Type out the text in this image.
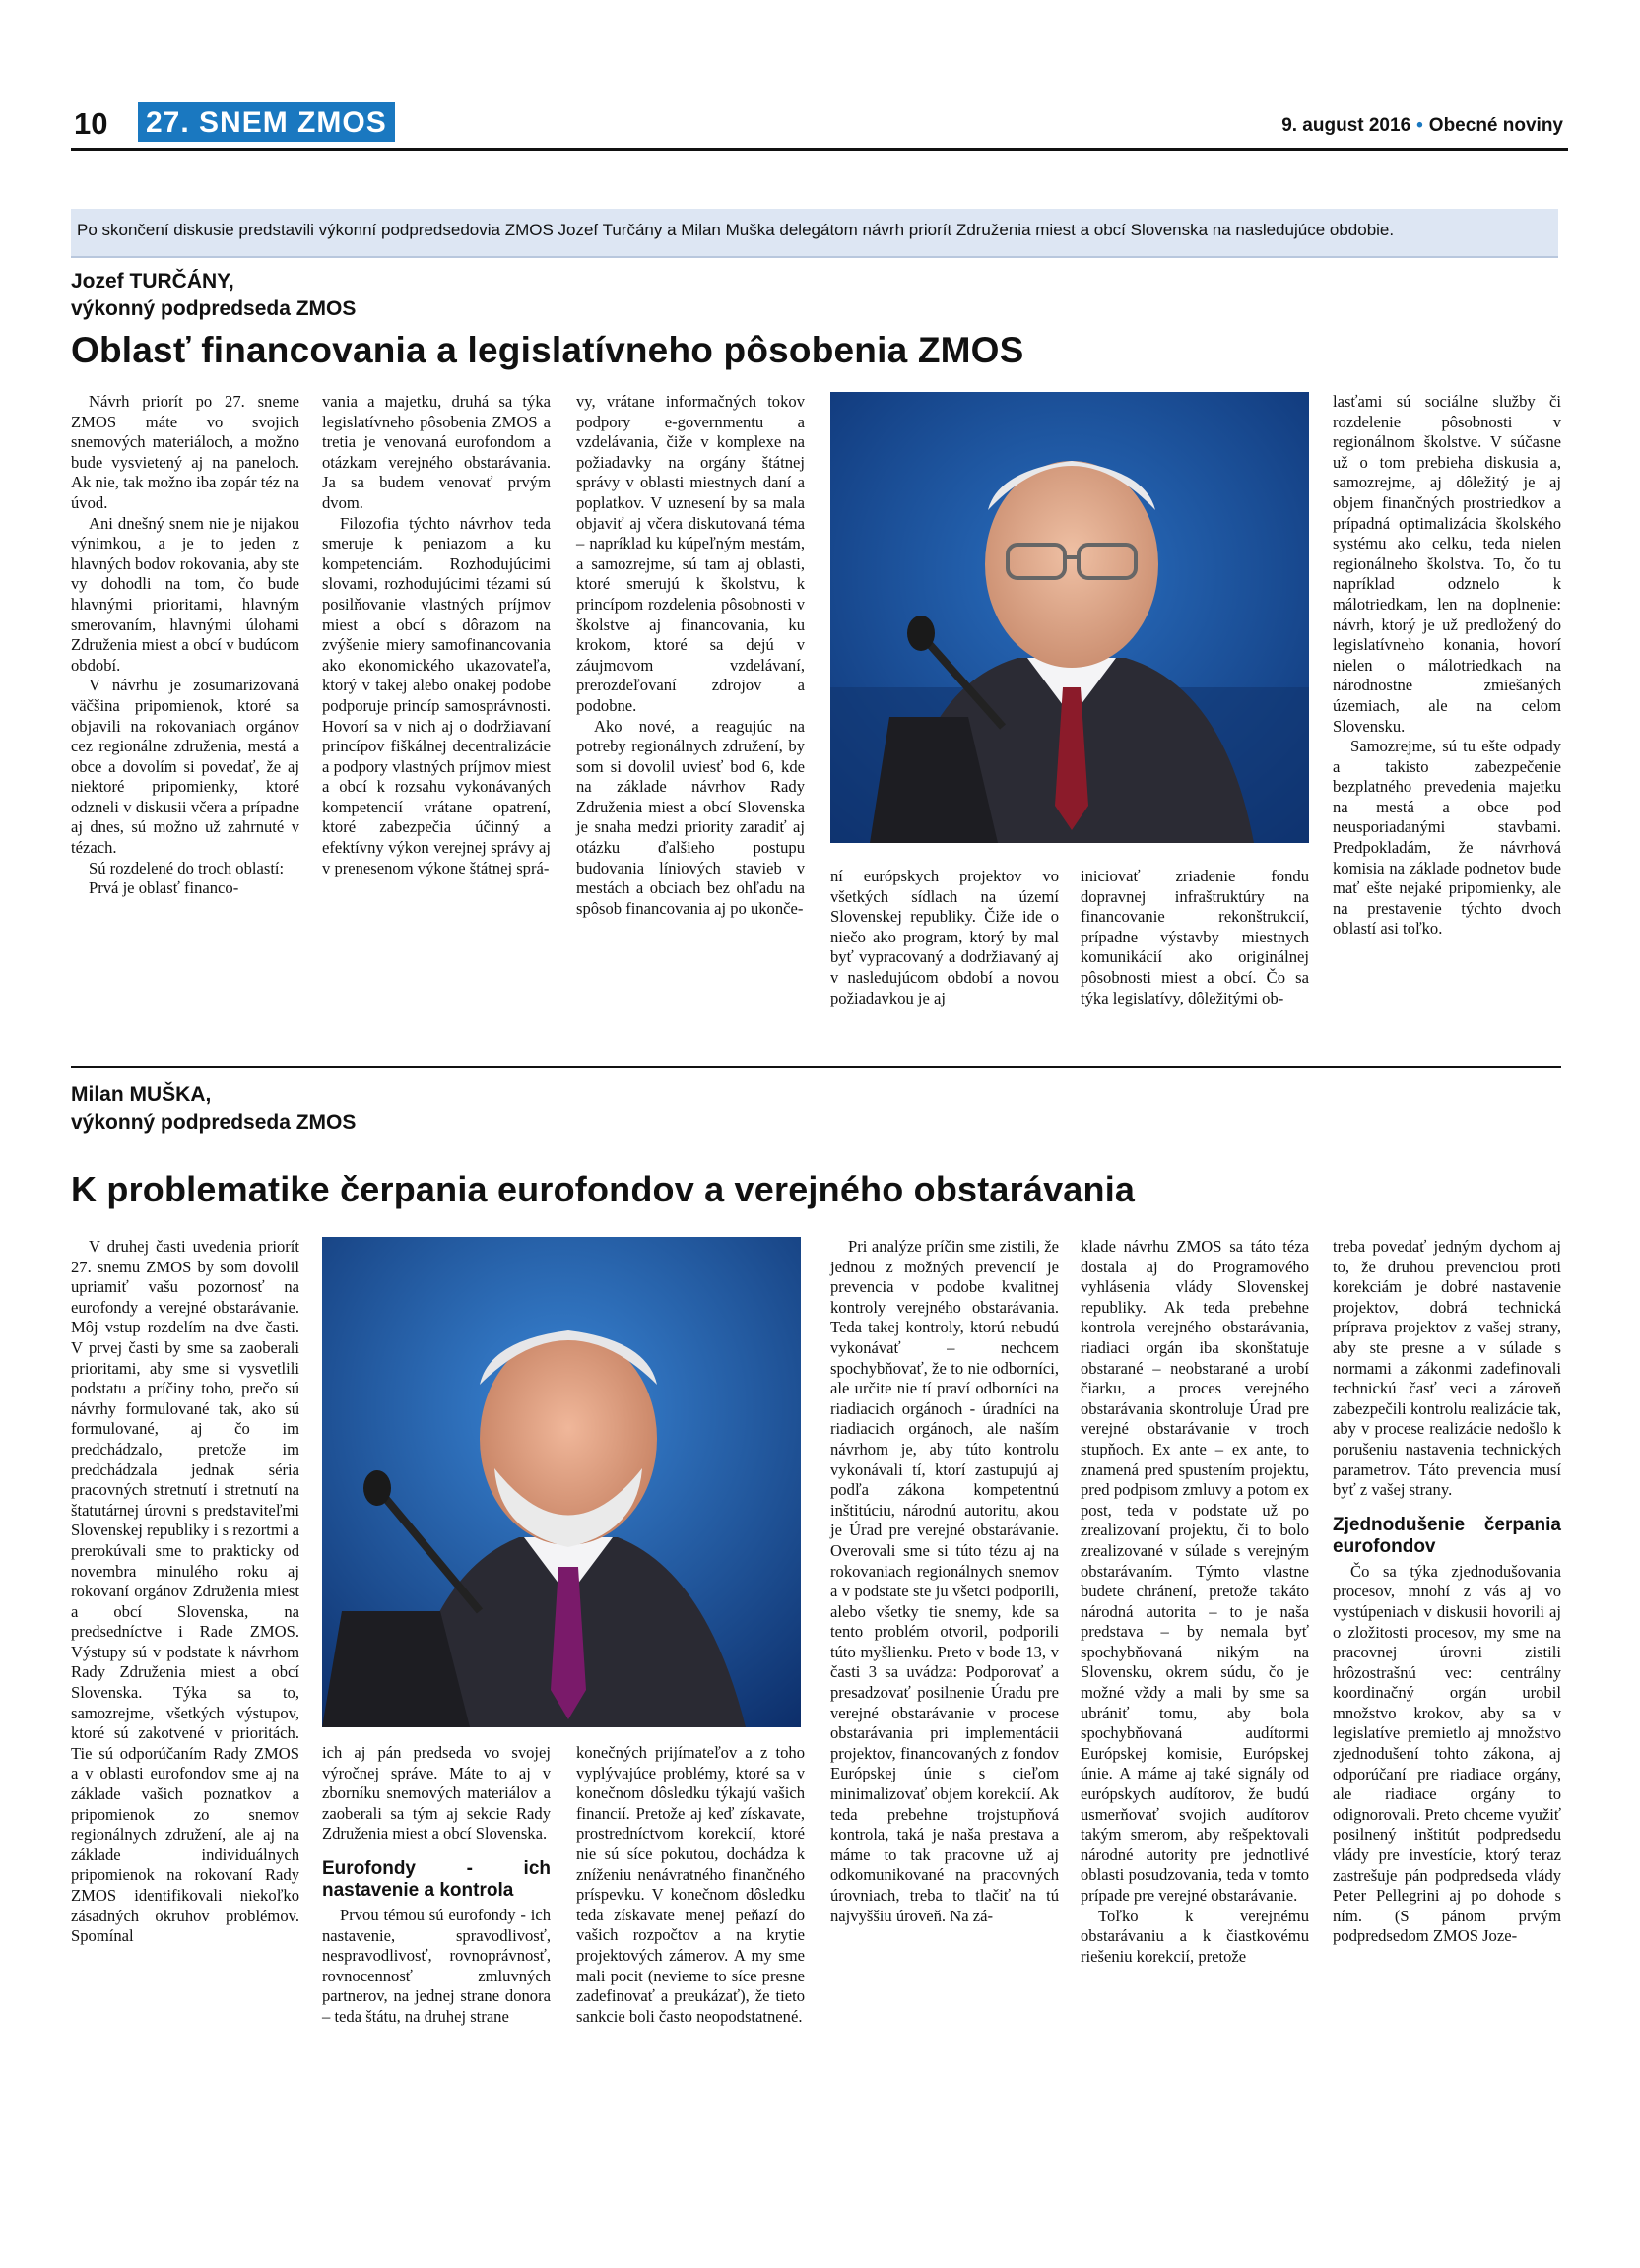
10 27. SNEM ZMOS	9. august 2016 • Obecné noviny
Po skončení diskusie predstavili výkonní podpredsedovia ZMOS Jozef Turčány a Milan Muška delegátom návrh priorít Združenia miest a obcí Slovenska na nasledujúce obdobie.
Jozef TURČÁNY,
výkonný podpredseda ZMOS
Oblasť financovania a legislatívneho pôsobenia ZMOS

Návrh priorít po 27. sneme ZMOS máte vo svojich snemových materiáloch, a možno bude vysvietený aj na paneloch. Ak nie, tak možno iba zopár téz na úvod.

Ani dnešný snem nie je nijakou výnimkou, a je to jeden z hlavných bodov rokovania, aby ste vy dohodli na tom, čo bude hlavnými prioritami, hlavným smerovaním, hlavnými úlohami Združenia miest a obcí v budúcom období.

V návrhu je zosumarizovaná väčšina pripomienok, ktoré sa objavili na rokovaniach orgánov cez regionálne združenia, mestá a obce a dovolím si povedať, že aj niektoré pripomienky, ktoré odzneli v diskusii včera a prípadne aj dnes, sú možno už zahrnuté v tézach.

Sú rozdelené do troch oblastí:

Prvá je oblasť financo-

vania a majetku, druhá sa týka legislatívneho pôsobenia ZMOS a tretia je venovaná eurofondom a otázkam verejného obstarávania. Ja sa budem venovať prvým dvom.

Filozofia týchto návrhov teda smeruje k peniazom a ku kompetenciám. Rozhodujúcimi slovami, rozhodujúcimi tézami sú posilňovanie vlastných príjmov miest a obcí s dôrazom na zvýšenie miery samofinancovania ako ekonomického ukazovateľa, ktorý v takej alebo onakej podobe podporuje princíp samosprávnosti. Hovorí sa v nich aj o dodržiavaní princípov fiškálnej decentralizácie a podpory vlastných príjmov miest a obcí k rozsahu vykonávaných kompetencií vrátane opatrení, ktoré zabezpečia účinný a efektívny výkon verejnej správy aj v prenesenom výkone štátnej sprá-

vy, vrátane informačných tokov podpory e-governmentu a vzdelávania, čiže v komplexe na požiadavky na orgány štátnej správy v oblasti miestnych daní a poplatkov. V uznesení by sa mala objaviť aj včera diskutovaná téma – napríklad ku kúpeľným mestám, a samozrejme, sú tam aj oblasti, ktoré smerujú k školstvu, k princípom rozdelenia pôsobnosti v školstve aj financovania, ku krokom, ktoré sa dejú v záujmovom vzdelávaní, prerozdeľovaní zdrojov a podobne.

Ako nové, a reagujúc na potreby regionálnych združení, by som si dovolil uviesť bod 6, kde na základe návrhov Rady Združenia miest a obcí Slovenska je snaha medzi priority zaradiť aj otázku ďalšieho postupu budovania líniových stavieb v mestách a obciach bez ohľadu na spôsob financovania aj po ukonče-

ní európskych projektov vo všetkých sídlach na území Slovenskej republiky. Čiže ide o niečo ako program, ktorý by mal byť vypracovaný a dodržiavaný aj v nasledujúcom období a novou požiadavkou je aj

iniciovať zriadenie fondu dopravnej infraštruktúry na financovanie rekonštrukcií, prípadne výstavby miestnych komunikácií ako originálnej pôsobnosti miest a obcí. Čo sa týka legislatívy, dôležitými ob-

lasťami sú sociálne služby či rozdelenie pôsobnosti v regionálnom školstve. V súčasne už o tom prebieha diskusia a, samozrejme, aj dôležitý je aj objem finančných prostriedkov a prípadná optimalizácia školského systému ako celku, teda nielen regionálneho školstva. To, čo tu napríklad odznelo k málotriedkam, len na doplnenie: návrh, ktorý je už predložený do legislatívneho konania, hovorí nielen o málotriedkach na národnostne zmiešaných územiach, ale na celom Slovensku.

Samozrejme, sú tu ešte odpady a takisto zabezpečenie bezplatného prevedenia majetku na mestá a obce pod neusporiadanými stavbami. Predpokladám, že návrhová komisia na základe podnetov bude mať ešte nejaké pripomienky, ale na prestavenie týchto dvoch oblastí asi toľko.

Milan MUŠKA,
výkonný podpredseda ZMOS
K problematike čerpania eurofondov a verejného obstarávania

V druhej časti uvedenia priorít 27. snemu ZMOS by som dovolil upriamiť vašu pozornosť na eurofondy a verejné obstarávanie. Môj vstup rozdelím na dve časti. V prvej časti by sme sa zaoberali prioritami, aby sme si vysvetlili podstatu a príčiny toho, prečo sú návrhy formulované tak, ako sú formulované, aj čo im predchádzalo, pretože im predchádzala jednak séria pracovných stretnutí i stretnutí na štatutárnej úrovni s predstaviteľmi Slovenskej republiky i s rezortmi a prerokúvali sme to prakticky od novembra minulého roku aj rokovaní orgánov Združenia miest a obcí Slovenska, na predsedníctve i Rade ZMOS. Výstupy sú v podstate k návrhom Rady Združenia miest a obcí Slovenska. Týka sa to, samozrejme, všetkých výstupov, ktoré sú zakotvené v prioritách. Tie sú odporúčaním Rady ZMOS a v oblasti eurofondov sme aj na základe vašich poznatkov a pripomienok zo snemov regionálnych združení, ale aj na základe individuálnych pripomienok na rokovaní Rady ZMOS identifikovali niekoľko zásadných okruhov problémov. Spomínal

ich aj pán predseda vo svojej výročnej správe. Máte to aj v zborníku snemových materiálov a zaoberali sa tým aj sekcie Rady Združenia miest a obcí Slovenska.

Eurofondy - ich nastavenie a kontrola

Prvou témou sú eurofondy - ich nastavenie, spravodlivosť, nespravodlivosť, rovnoprávnosť, rovnocennosť zmluvných partnerov, na jednej strane donora – teda štátu, na druhej strane

konečných prijímateľov a z toho vyplývajúce problémy, ktoré sa v konečnom dôsledku týkajú vašich financií. Pretože aj keď získavate, prostredníctvom korekcií, ktoré nie sú síce pokutou, dochádza k zníženiu nenávratného finančného príspevku. V konečnom dôsledku teda získavate menej peňazí do vašich rozpočtov a na krytie projektových zámerov. A my sme mali pocit (nevieme to síce presne zadefinovať a preukázať), že tieto sankcie boli často neopodstatnené.

Pri analýze príčin sme zistili, že jednou z možných prevencií je prevencia v podobe kvalitnej kontroly verejného obstarávania. Teda takej kontroly, ktorú nebudú vykonávať – nechcem spochybňovať, že to nie odborníci, ale určite nie tí praví odborníci na riadiacich orgánoch - úradníci na riadiacich orgánoch, ale naším návrhom je, aby túto kontrolu vykonávali tí, ktorí zastupujú aj podľa zákona kompetentnú inštitúciu, národnú autoritu, akou je Úrad pre verejné obstarávanie. Overovali sme si túto tézu aj na rokovaniach regionálnych snemov a v podstate ste ju všetci podporili, alebo všetky tie snemy, kde sa tento problém otvoril, podporili túto myšlienku. Preto v bode 13, v časti 3 sa uvádza: Podporovať a presadzovať posilnenie Úradu pre verejné obstarávanie v procese obstarávania pri implementácii projektov, financovaných z fondov Európskej únie s cieľom minimalizovať objem korekcií. Ak teda prebehne trojstupňová kontrola, taká je naša prestava a máme to tak pracovne už aj odkomunikované na pracovných úrovniach, treba to tlačiť na tú najvyššiu úroveň. Na zá-

klade návrhu ZMOS sa táto téza dostala aj do Programového vyhlásenia vlády Slovenskej republiky. Ak teda prebehne kontrola verejného obstarávania, riadiaci orgán iba skonštatuje obstarané – neobstarané a urobí čiarku, a proces verejného obstarávania skontroluje Úrad pre verejné obstarávanie v troch stupňoch. Ex ante – ex ante, to znamená pred spustením projektu, pred podpisom zmluvy a potom ex post, teda v podstate už po zrealizovaní projektu, či to bolo zrealizované v súlade s verejným obstarávaním. Týmto vlastne budete chránení, pretože takáto národná autorita – to je naša predstava – by nemala byť spochybňovaná nikým na Slovensku, okrem súdu, čo je možné vždy a mali by sme sa ubrániť tomu, aby bola spochybňovaná audítormi Európskej komisie, Európskej únie. A máme aj také signály od európskych audítorov, že budú usmerňovať svojich audítorov takým smerom, aby rešpektovali národné autority pre jednotlivé oblasti posudzovania, teda v tomto prípade pre verejné obstarávanie.

Toľko k verejnému obstarávaniu a k čiastkovému riešeniu korekcií, pretože

treba povedať jedným dychom aj to, že druhou prevenciou proti korekciám je dobré nastavenie projektov, dobrá technická príprava projektov z vašej strany, aby ste presne a v súlade s normami a zákonmi zadefinovali technickú časť veci a zároveň zabezpečili kontrolu realizácie tak, aby v procese realizácie nedošlo k porušeniu nastavenia technických parametrov. Táto prevencia musí byť z vašej strany.

Zjednodušenie čerpania eurofondov

Čo sa týka zjednodušovania procesov, mnohí z vás aj vo vystúpeniach v diskusii hovorili aj o zložitosti procesov, my sme na pracovnej úrovni zistili hrôzostrašnú vec: centrálny koordinačný orgán urobil množstvo krokov, aby sa v legislatíve premietlo aj množstvo zjednodušení tohto zákona, aj odporúčaní pre riadiace orgány, ale riadiace orgány to odignorovali. Preto chceme využiť posilnený inštitút podpredsedu vlády pre investície, ktorý teraz zastrešuje pán podpredseda vlády Peter Pellegrini aj po dohode s ním. (S pánom prvým podpredsedom ZMOS Joze-
